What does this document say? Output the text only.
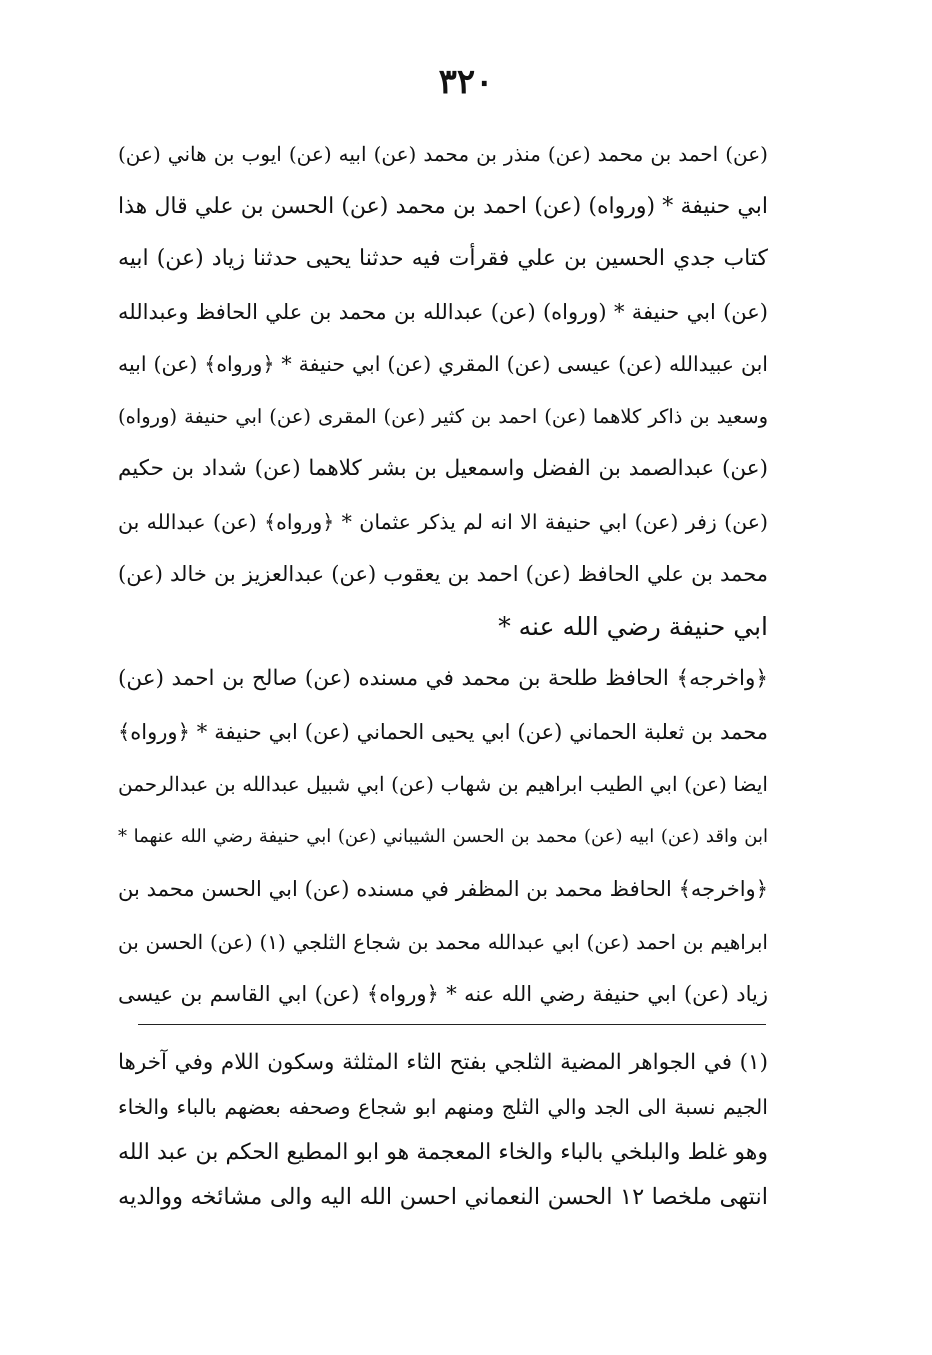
۳۲۰
(عن) احمد بن محمد (عن) منذر بن محمد (عن) ابيه (عن) ايوب بن هاني (عن)
ابي حنيفة * (ورواه) (عن) احمد بن محمد (عن) الحسن بن علي قال هذا
كتاب جدي الحسين بن علي فقرأت فيه حدثنا يحيى حدثنا زياد (عن) ابيه
(عن) ابي حنيفة * (ورواه) (عن) عبدالله بن محمد بن علي الحافظ وعبدالله
ابن عبيدالله (عن) عيسى (عن) المقري (عن) ابي حنيفة * ﴿ورواه﴾ (عن) ابيه
وسعيد بن ذاكر كلاهما (عن) احمد بن كثير (عن) المقرى (عن) ابي حنيفة (ورواه)
(عن) عبدالصمد بن الفضل واسمعيل بن بشر كلاهما (عن) شداد بن حكيم
(عن) زفر (عن) ابي حنيفة الا انه لم يذكر عثمان * ﴿ورواه﴾ (عن) عبدالله بن
محمد بن علي الحافظ (عن) احمد بن يعقوب (عن) عبدالعزيز بن خالد (عن)
ابي حنيفة رضي الله عنه *
﴿واخرجه﴾ الحافظ طلحة بن محمد في مسنده (عن) صالح بن احمد (عن)
محمد بن ثعلبة الحماني (عن) ابي يحيى الحماني (عن) ابي حنيفة * ﴿ورواه﴾
ايضا (عن) ابي الطيب ابراهيم بن شهاب (عن) ابي شبيل عبدالله بن عبدالرحمن
ابن واقد (عن) ابيه (عن) محمد بن الحسن الشيباني (عن) ابي حنيفة رضي الله عنهما *
﴿واخرجه﴾ الحافظ محمد بن المظفر في مسنده (عن) ابي الحسن محمد بن
ابراهيم بن احمد (عن) ابي عبدالله محمد بن شجاع الثلجي (١) (عن) الحسن بن
زياد (عن) ابي حنيفة رضي الله عنه * ﴿ورواه﴾ (عن) ابي القاسم بن عيسى
(١) في الجواهر المضية الثلجي بفتح الثاء المثلثة وسكون اللام وفي آخرها
الجيم نسبة الى الجد والي الثلج ومنهم ابو شجاع وصحفه بعضهم بالباء والخاء
وهو غلط والبلخي بالباء والخاء المعجمة هو ابو المطيع الحكم بن عبد الله
انتهى ملخصا ١٢ الحسن النعماني احسن الله اليه والى مشائخه ووالديه
